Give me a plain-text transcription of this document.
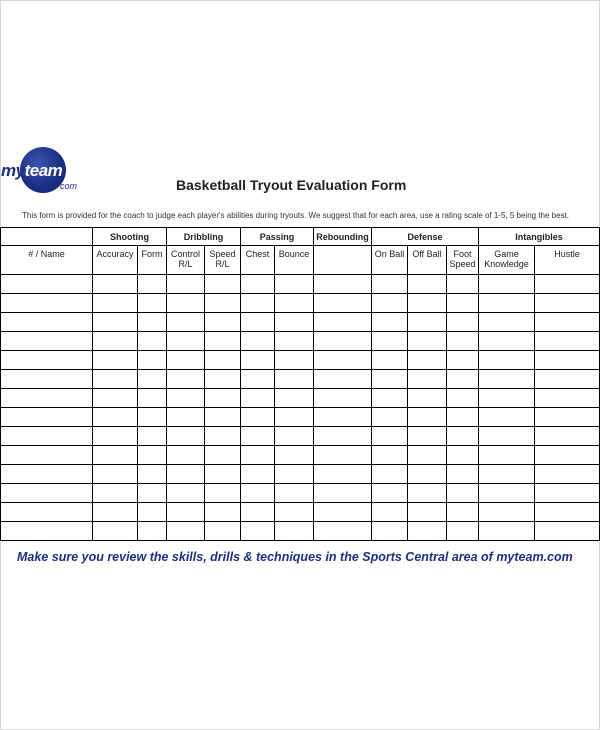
myteam
com	Basketball Tryout Evaluation Form
This form is provided for the coach to judge each player's abilities during tryouts. We suggest that for each area, use a rating scale of 1-5, 5 being the best.
	Shooting		Dribbling		Passing		Rebounding	Defense			Intangibles	
# / Name	Accuracy	Form	Control R/L	Speed R/L	Chest	Bounce		On Ball	Off Ball	Foot Speed	Game Knowledge	Hustle

Make sure you review the skills, drills & techniques in the Sports Central area of myteam.com
